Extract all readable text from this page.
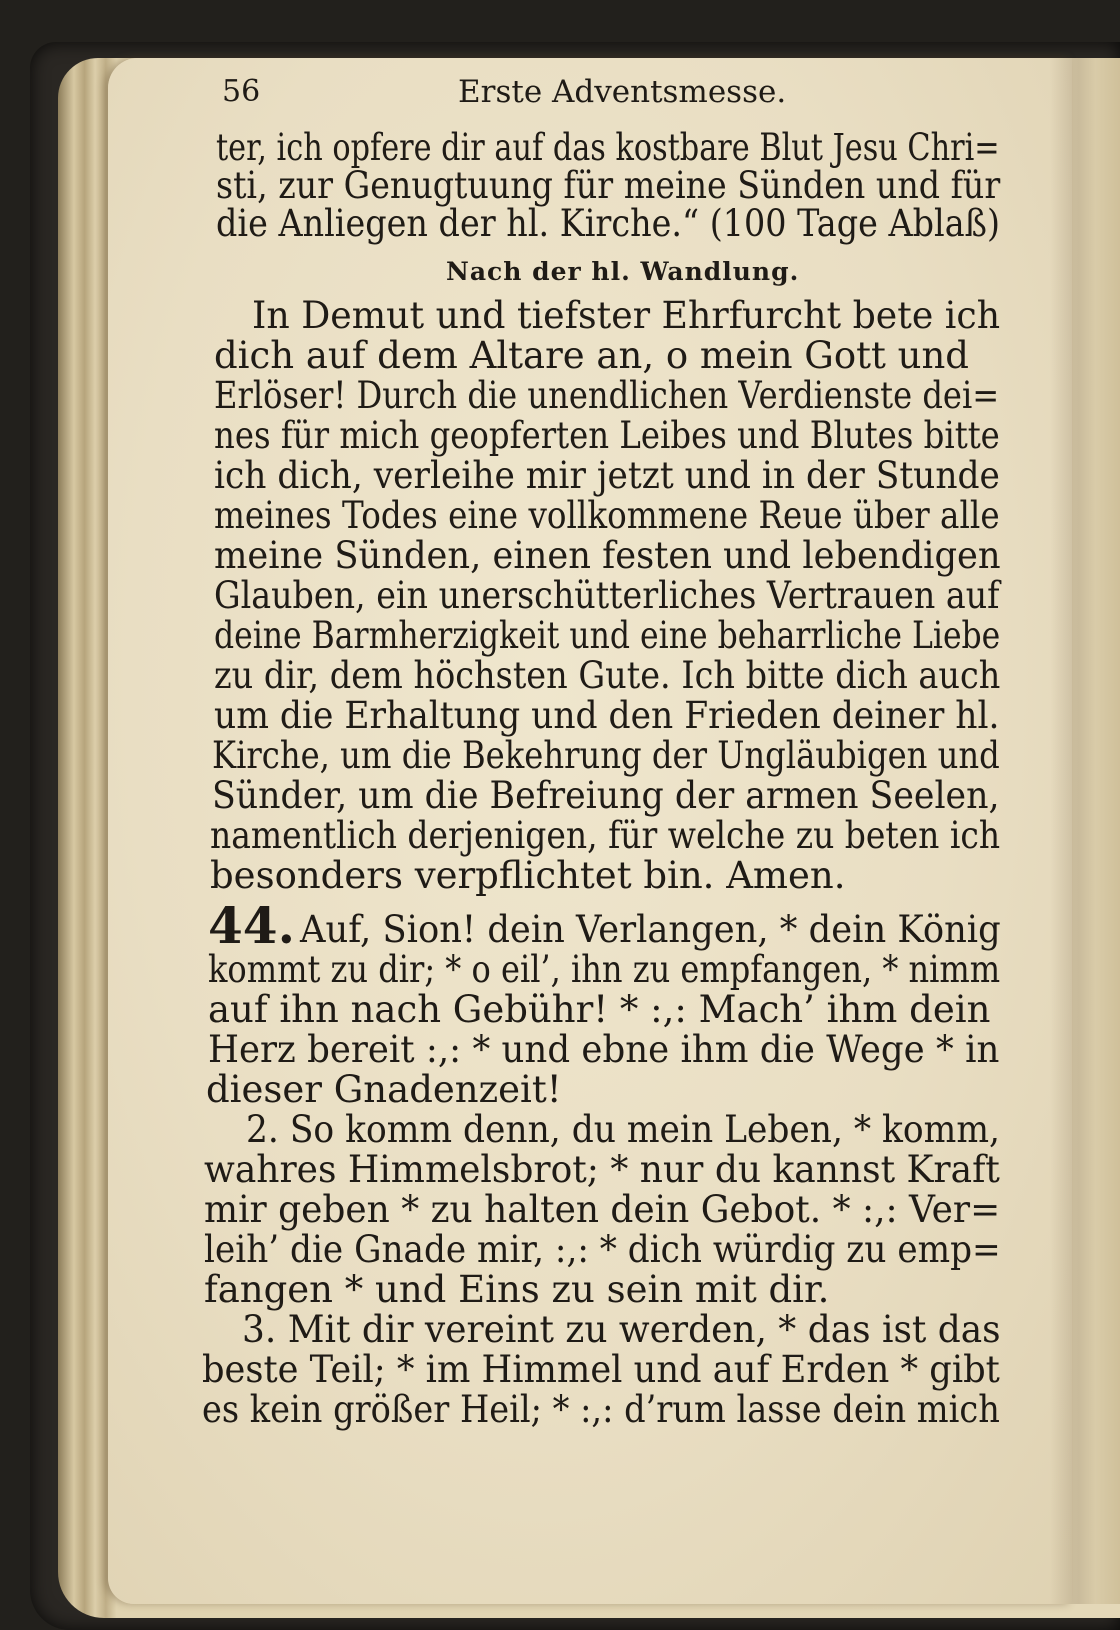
56	Erste Adventsmesse.
ter, ich opfere dir auf das kostbare Blut Jesu Chri=
sti, zur Genugtuung für meine Sünden und für
die Anliegen der hl. Kirche.“ (100 Tage Ablaß)
Nach der hl. Wandlung.
In Demut und tiefster Ehrfurcht bete ich
dich auf dem Altare an, o mein Gott und
Erlöser! Durch die unendlichen Verdienste dei=
nes für mich geopferten Leibes und Blutes bitte
ich dich, verleihe mir jetzt und in der Stunde
meines Todes eine vollkommene Reue über alle
meine Sünden, einen festen und lebendigen
Glauben, ein unerschütterliches Vertrauen auf
deine Barmherzigkeit und eine beharrliche Liebe
zu dir, dem höchsten Gute. Ich bitte dich auch
um die Erhaltung und den Frieden deiner hl.
Kirche, um die Bekehrung der Ungläubigen und
Sünder, um die Befreiung der armen Seelen,
namentlich derjenigen, für welche zu beten ich
besonders verpflichtet bin. Amen.
44. Auf, Sion! dein Verlangen, * dein König
kommt zu dir; * o eil’, ihn zu empfangen, * nimm
auf ihn nach Gebühr! * :,: Mach’ ihm dein
Herz bereit :,: * und ebne ihm die Wege * in
dieser Gnadenzeit!
2. So komm denn, du mein Leben, * komm,
wahres Himmelsbrot; * nur du kannst Kraft
mir geben * zu halten dein Gebot. * :,: Ver=
leih’ die Gnade mir, :,: * dich würdig zu emp=
fangen * und Eins zu sein mit dir.
3. Mit dir vereint zu werden, * das ist das
beste Teil; * im Himmel und auf Erden * gibt
es kein größer Heil; * :,: d’rum lasse dein mich
